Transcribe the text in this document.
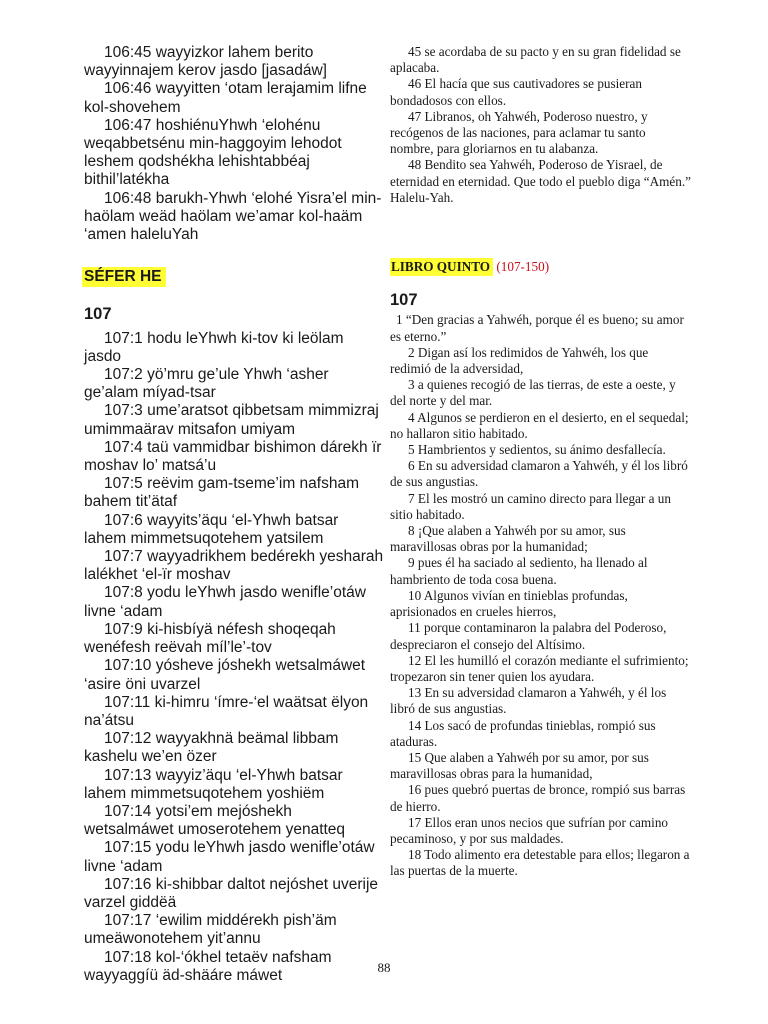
106:45 wayyizkor lahem berito wayyinnajem kerov jasdo [jasadáw]

106:46 wayyitten ‘otam lerajamim lifne kol-shovehem

106:47 hoshiénuYhwh ‘elohénu weqabbetsénu min-haggoyim lehodot leshem qodshékha lehishtabbéaj bithil’latékha

106:48 barukh-Yhwh ‘elohé Yisra’el min-haölam weäd haölam we’amar kol-haäm ‘amen haleluYah

SÉFER HE
107

107:1 hodu leYhwh ki-tov ki leölam jasdo

107:2 yö’mru ge’ule Yhwh ‘asher ge’alam míyad-tsar

107:3 ume’aratsot qibbetsam mimmizraj umimmaärav mitsafon umiyam

107:4 taü vammidbar bishimon dárekh ïr moshav lo’ matsá’u

107:5 reëvim gam-tseme’im nafsham bahem tit’ätaf

107:6 wayyits’äqu ‘el-Yhwh batsar lahem mimmetsuqotehem yatsilem

107:7 wayyadrikhem bedérekh yesharah lalékhet ‘el-ïr moshav

107:8 yodu leYhwh jasdo wenifle’otáw livne ‘adam

107:9 ki-hisbíyä néfesh shoqeqah wenéfesh reëvah míl’le’-tov

107:10 yósheve jóshekh wetsalmáwet ‘asire öni uvarzel

107:11 ki-himru ‘ímre-‘el waätsat ëlyon na’átsu

107:12 wayyakhnä beämal libbam kashelu we’en özer

107:13 wayyiz’äqu ‘el-Yhwh batsar lahem mimmetsuqotehem yoshiëm

107:14 yotsi’em mejóshekh wetsalmáwet umoserotehem yenatteq

107:15 yodu leYhwh jasdo wenifle’otáw livne ‘adam

107:16 ki-shibbar daltot nejóshet uverije varzel giddëä

107:17 ‘ewilim middérekh pish’äm umeäwonotehem yit’annu

107:18 kol-‘ókhel tetaëv nafsham wayyaggíü äd-shäáre máwet

45 se acordaba de su pacto y en su gran fidelidad se aplacaba.

46 El hacía que sus cautivadores se pusieran bondadosos con ellos.

47 Libranos, oh Yahwéh, Poderoso nuestro, y recógenos de las naciones, para aclamar tu santo nombre, para gloriarnos en tu alabanza.

48 Bendito sea Yahwéh, Poderoso de Yisrael, de eternidad en eternidad. Que todo el pueblo diga “Amén.” Halelu-Yah.

LIBRO QUINTO (107-150)
107

1 “Den gracias a Yahwéh, porque él es bueno; su amor es eterno.”

2 Digan así los redimidos de Yahwéh, los que redimió de la adversidad,

3 a quienes recogió de las tierras, de este a oeste, y del norte y del mar.

4 Algunos se perdieron en el desierto, en el sequedal; no hallaron sitio habitado.

5 Hambrientos y sedientos, su ánimo desfallecía.

6 En su adversidad clamaron a Yahwéh, y él los libró de sus angustias.

7 El les mostró un camino directo para llegar a un sitio habitado.

8 ¡Que alaben a Yahwéh por su amor, sus maravillosas obras por la humanidad;

9 pues él ha saciado al sediento, ha llenado al hambriento de toda cosa buena.

10 Algunos vivían en tinieblas profundas, aprisionados en crueles hierros,

11 porque contaminaron la palabra del Poderoso, despreciaron el consejo del Altísimo.

12 El les humilló el corazón mediante el sufrimiento; tropezaron sin tener quien los ayudara.

13 En su adversidad clamaron a Yahwéh, y él los libró de sus angustias.

14 Los sacó de profundas tinieblas, rompió sus ataduras.

15 Que alaben a Yahwéh por su amor, por sus maravillosas obras para la humanidad,

16 pues quebró puertas de bronce, rompió sus barras de hierro.

17 Ellos eran unos necios que sufrían por camino pecaminoso, y por sus maldades.

18 Todo alimento era detestable para ellos; llegaron a las puertas de la muerte.

88
